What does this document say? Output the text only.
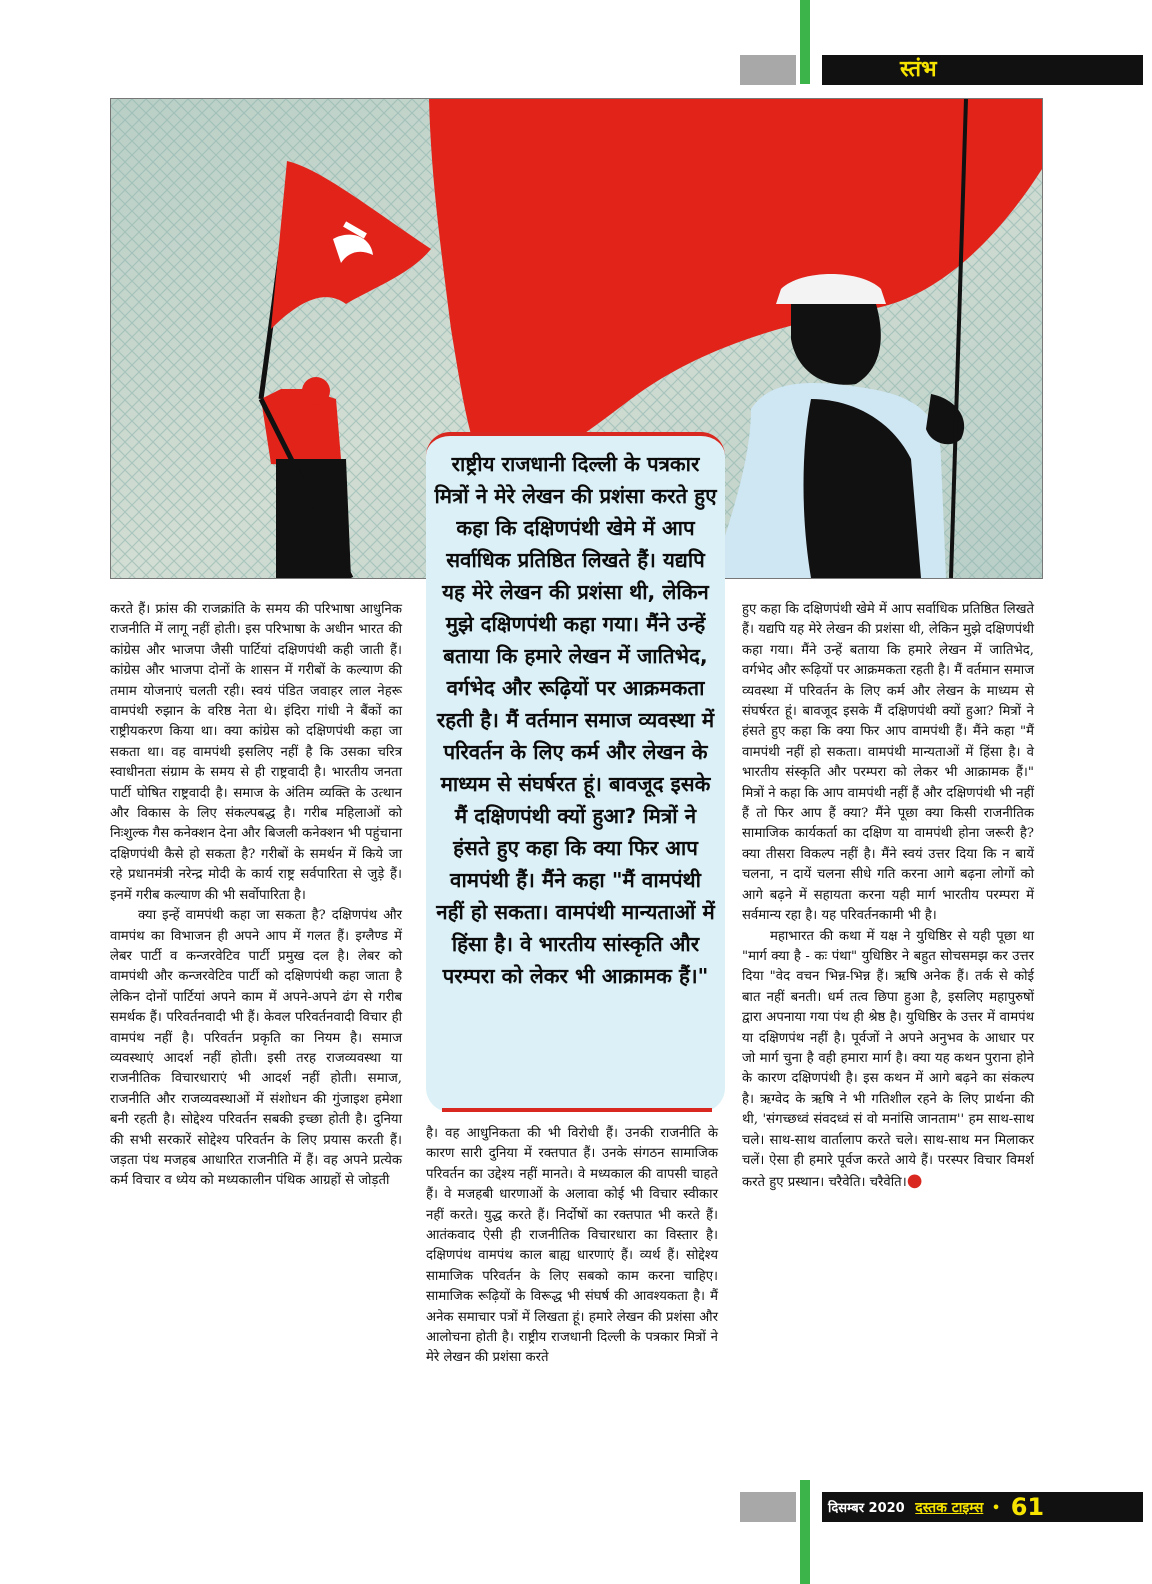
स्तंभ

करते हैं। फ्रांस की राजक्रांति के समय की परिभाषा आधुनिक राजनीति में लागू नहीं होती। इस परिभाषा के अधीन भारत की कांग्रेस और भाजपा जैसी पार्टियां दक्षिणपंथी कही जाती हैं। कांग्रेस और भाजपा दोनों के शासन में गरीबों के कल्याण की तमाम योजनाएं चलती रही। स्वयं पंडित जवाहर लाल नेहरू वामपंथी रुझान के वरिष्ठ नेता थे। इंदिरा गांधी ने बैंकों का राष्ट्रीयकरण किया था। क्या कांग्रेस को दक्षिणपंथी कहा जा सकता था। वह वामपंथी इसलिए नहीं है कि उसका चरित्र स्वाधीनता संग्राम के समय से ही राष्ट्रवादी है। भारतीय जनता पार्टी घोषित राष्ट्रवादी है। समाज के अंतिम व्यक्ति के उत्थान और विकास के लिए संकल्पबद्ध है। गरीब महिलाओं को निःशुल्क गैस कनेक्शन देना और बिजली कनेक्शन भी पहुंचाना दक्षिणपंथी कैसे हो सकता है? गरीबों के समर्थन में किये जा रहे प्रधानमंत्री नरेन्द्र मोदी के कार्य राष्ट्र सर्वपारिता से जुड़े हैं। इनमें गरीब कल्याण की भी सर्वोपारिता है।

क्या इन्हें वामपंथी कहा जा सकता है? दक्षिणपंथ और वामपंथ का विभाजन ही अपने आप में गलत हैं। इग्लैण्ड में लेबर पार्टी व कन्जरवेटिव पार्टी प्रमुख दल है। लेबर को वामपंथी और कन्जरवेटिव पार्टी को दक्षिणपंथी कहा जाता है लेकिन दोनों पार्टियां अपने काम में अपने-अपने ढंग से गरीब समर्थक हैं। परिवर्तनवादी भी हैं। केवल परिवर्तनवादी विचार ही वामपंथ नहीं है। परिवर्तन प्रकृति का नियम है। समाज व्यवस्थाएं आदर्श नहीं होती। इसी तरह राजव्यवस्था या राजनीतिक विचारधाराएं भी आदर्श नहीं होती। समाज, राजनीति और राजव्यवस्थाओं में संशोधन की गुंजाइश हमेशा बनी रहती है। सोद्देश्य परिवर्तन सबकी इच्छा होती है। दुनिया की सभी सरकारें सोद्देश्य परिवर्तन के लिए प्रयास करती हैं। जड़ता पंथ मजहब आधारित राजनीति में हैं। वह अपने प्रत्येक कर्म विचार व ध्येय को मध्यकालीन पंथिक आग्रहों से जोड़ती

राष्ट्रीय राजधानी दिल्ली के पत्रकार मित्रों ने मेरे लेखन की प्रशंसा करते हुए कहा कि दक्षिणपंथी खेमे में आप सर्वाधिक प्रतिष्ठित लिखते हैं। यद्यपि यह मेरे लेखन की प्रशंसा थी, लेकिन मुझे दक्षिणपंथी कहा गया। मैंने उन्हें बताया कि हमारे लेखन में जातिभेद, वर्गभेद और रूढ़ियों पर आक्रमकता रहती है। मैं वर्तमान समाज व्यवस्था में परिवर्तन के लिए कर्म और लेखन के माध्यम से संघर्षरत हूं। बावजूद इसके मैं दक्षिणपंथी क्यों हुआ? मित्रों ने हंसते हुए कहा कि क्या फिर आप वामपंथी हैं। मैंने कहा "मैं वामपंथी नहीं हो सकता। वामपंथी मान्यताओं में हिंसा है। वे भारतीय सांस्कृति और परम्परा को लेकर भी आक्रामक हैं।"

है। वह आधुनिकता की भी विरोधी हैं। उनकी राजनीति के कारण सारी दुनिया में रक्तपात हैं। उनके संगठन सामाजिक परिवर्तन का उद्देश्य नहीं मानते। वे मध्यकाल की वापसी चाहते हैं। वे मजहबी धारणाओं के अलावा कोई भी विचार स्वीकार नहीं करते। युद्ध करते हैं। निर्दोषों का रक्तपात भी करते हैं। आतंकवाद ऐसी ही राजनीतिक विचारधारा का विस्तार है। दक्षिणपंथ वामपंथ काल बाह्य धारणाएं हैं। व्यर्थ हैं। सोद्देश्य सामाजिक परिवर्तन के लिए सबको काम करना चाहिए। सामाजिक रूढ़ियों के विरूद्ध भी संघर्ष की आवश्यकता है। मैं अनेक समाचार पत्रों में लिखता हूं। हमारे लेखन की प्रशंसा और आलोचना होती है। राष्ट्रीय राजधानी दिल्ली के पत्रकार मित्रों ने मेरे लेखन की प्रशंसा करते

हुए कहा कि दक्षिणपंथी खेमे में आप सर्वाधिक प्रतिष्ठित लिखते हैं। यद्यपि यह मेरे लेखन की प्रशंसा थी, लेकिन मुझे दक्षिणपंथी कहा गया। मैंने उन्हें बताया कि हमारे लेखन में जातिभेद, वर्गभेद और रूढ़ियों पर आक्रमकता रहती है। मैं वर्तमान समाज व्यवस्था में परिवर्तन के लिए कर्म और लेखन के माध्यम से संघर्षरत हूं। बावजूद इसके मैं दक्षिणपंथी क्यों हुआ? मित्रों ने हंसते हुए कहा कि क्या फिर आप वामपंथी हैं। मैंने कहा "मैं वामपंथी नहीं हो सकता। वामपंथी मान्यताओं में हिंसा है। वे भारतीय संस्कृति और परम्परा को लेकर भी आक्रामक हैं।" मित्रों ने कहा कि आप वामपंथी नहीं हैं और दक्षिणपंथी भी नहीं हैं तो फिर आप हैं क्या? मैंने पूछा क्या किसी राजनीतिक सामाजिक कार्यकर्ता का दक्षिण या वामपंथी होना जरूरी है? क्या तीसरा विकल्प नहीं है। मैंने स्वयं उत्तर दिया कि न बायें चलना, न दायें चलना सीधे गति करना आगे बढ़ना लोगों को आगे बढ़ने में सहायता करना यही मार्ग भारतीय परम्परा में सर्वमान्य रहा है। यह परिवर्तनकामी भी है।

महाभारत की कथा में यक्ष ने युधिष्ठिर से यही पूछा था "मार्ग क्या है - कः पंथा" युधिष्ठिर ने बहुत सोचसमझ कर उत्तर दिया "वेद वचन भिन्न-भिन्न हैं। ऋषि अनेक हैं। तर्क से कोई बात नहीं बनती। धर्म तत्व छिपा हुआ है, इसलिए महापुरुषों द्वारा अपनाया गया पंथ ही श्रेष्ठ है। युधिष्ठिर के उत्तर में वामपंथ या दक्षिणपंथ नहीं है। पूर्वजों ने अपने अनुभव के आधार पर जो मार्ग चुना है वही हमारा मार्ग है। क्या यह कथन पुराना होने के कारण दक्षिणपंथी है। इस कथन में आगे बढ़ने का संकल्प है। ऋग्वेद के ऋषि ने भी गतिशील रहने के लिए प्रार्थना की थी, 'संगच्छध्वं संवदध्वं सं वो मनांसि जानताम'' हम साथ-साथ चले। साथ-साथ वार्तालाप करते चले। साथ-साथ मन मिलाकर चलें। ऐसा ही हमारे पूर्वज करते आये हैं। परस्पर विचार विमर्श करते हुए प्रस्थान। चरैवेति। चरैवेति।●

दिसम्बर 2020 दस्तक टाइम्स • 61
